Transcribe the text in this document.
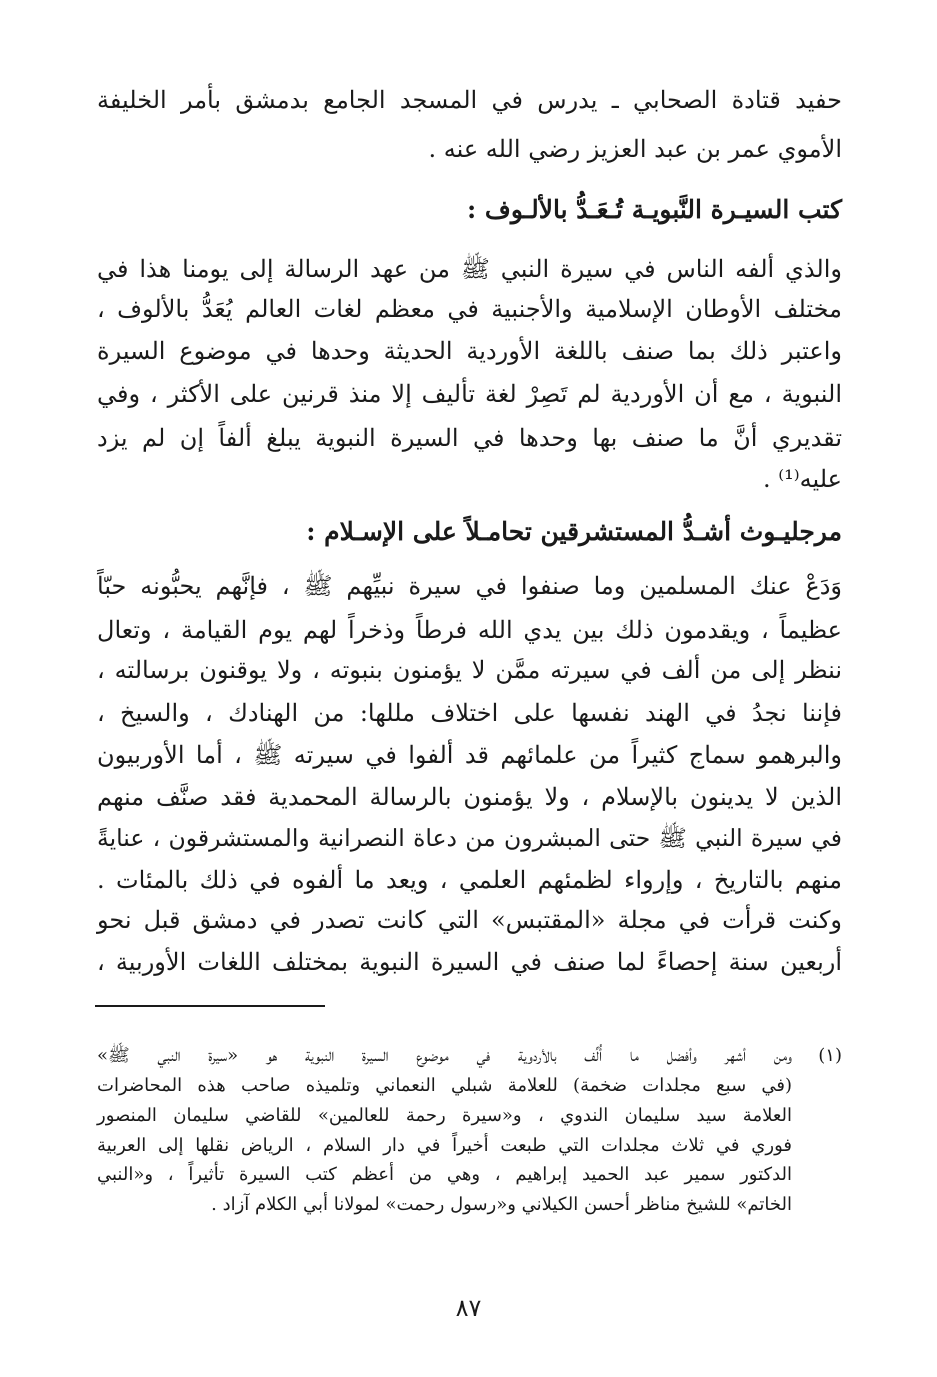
حفيد قتادة الصحابي ـ يدرس في المسجد الجامع بدمشق بأمر الخليفة
الأموي عمر بن عبد العزيز رضي الله عنه .
كتب السيـرة النَّبويـة تُـعَـدُّ بالألـوف :
والذي ألفه الناس في سيرة النبي ﷺ من عهد الرسالة إلى يومنا هذا في
مختلف الأوطان الإسلامية والأجنبية في معظم لغات العالم يُعَدُّ بالألوف ،
واعتبر ذلك بما صنف باللغة الأوردية الحديثة وحدها في موضوع السيرة
النبوية ، مع أن الأوردية لم تَصِرْ لغة تأليف إلا منذ قرنين على الأكثر ، وفي
تقديري أنَّ ما صنف بها وحدها في السيرة النبوية يبلغ ألفاً إن لم يزد
عليه⁽¹⁾ .
مرجليـوث أشـدُّ المستشرقين تحامـلاً على الإسـلام :
وَدَعْ عنك المسلمين وما صنفوا في سيرة نبيِّهم ﷺ ، فإنَّهم يحبُّونه حبّاً
عظيماً ، ويقدمون ذلك بين يدي الله فرطاً وذخراً لهم يوم القيامة ، وتعال
ننظر إلى من ألف في سيرته ممَّن لا يؤمنون بنبوته ، ولا يوقنون برسالته ،
فإننا نجدُ في الهند نفسها على اختلاف مللها: من الهنادك ، والسيخ ،
والبرهمو سماج كثيراً من علمائهم قد ألفوا في سيرته ﷺ ، أما الأوربيون
الذين لا يدينون بالإسلام ، ولا يؤمنون بالرسالة المحمدية فقد صنَّف منهم
في سيرة النبي ﷺ حتى المبشرون من دعاة النصرانية والمستشرقون ، عنايةً
منهم بالتاريخ ، وإرواء لظمئهم العلمي ، ويعد ما ألفوه في ذلك بالمئات .
وكنت قرأت في مجلة «المقتبس» التي كانت تصدر في دمشق قبل نحو
أربعين سنة إحصاءً لما صنف في السيرة النبوية بمختلف اللغات الأوربية ،
(١)
ومن أشهر وأفضل ما أُلِّف بالأردوية في موضوع السيرة النبوية هو «سيرة النبي ﷺ»
(في سبع مجلدات ضخمة) للعلامة شبلي النعماني وتلميذه صاحب هذه المحاضرات
العلامة سيد سليمان الندوي ، و«سيرة رحمة للعالمين» للقاضي سليمان المنصور
فوري في ثلاث مجلدات التي طبعت أخيراً في دار السلام ، الرياض نقلها إلى العربية
الدكتور سمير عبد الحميد إبراهيم ، وهي من أعظم كتب السيرة تأثيراً ، و«النبي
الخاتم» للشيخ مناظر أحسن الكيلاني و«رسول رحمت» لمولانا أبي الكلام آزاد .
٨٧
